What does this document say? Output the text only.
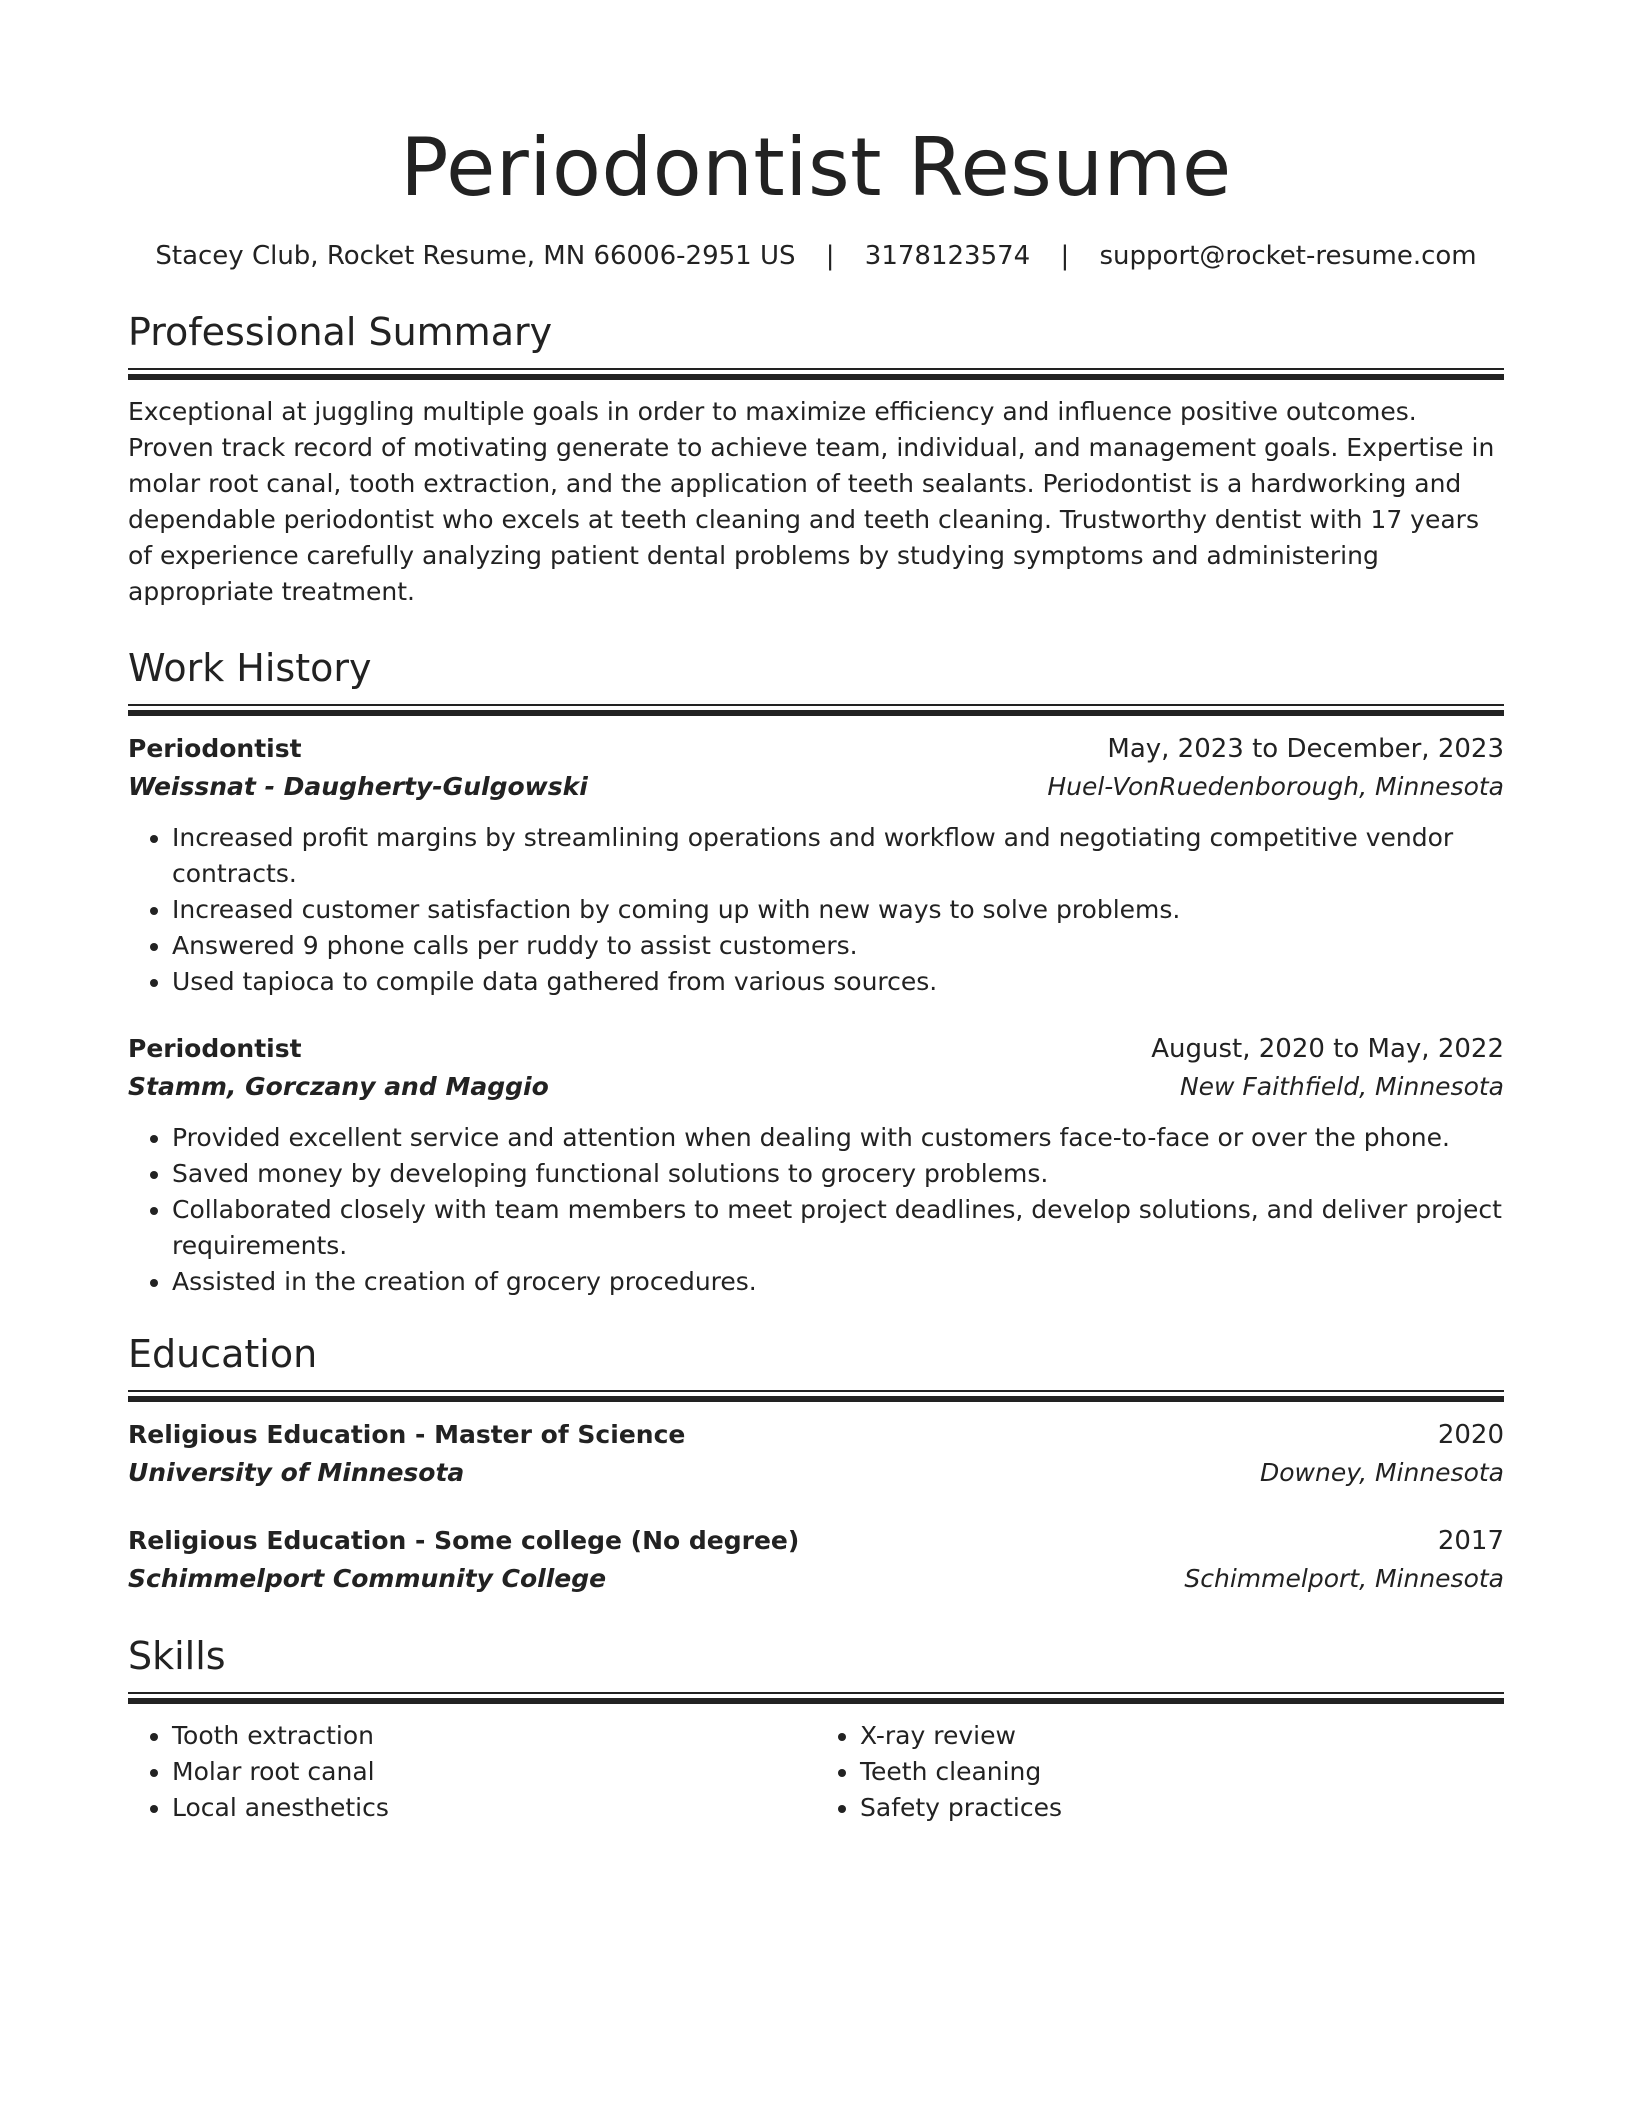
Periodontist Resume
Stacey Club, Rocket Resume, MN 66006-2951 US | 3178123574 | support@rocket-resume.com
Professional Summary

Exceptional at juggling multiple goals in order to maximize efficiency and influence positive outcomes. Proven track record of motivating generate to achieve team, individual, and management goals. Expertise in molar root canal, tooth extraction, and the application of teeth sealants. Periodontist is a hardworking and dependable periodontist who excels at teeth cleaning and teeth cleaning. Trustworthy dentist with 17 years of experience carefully analyzing patient dental problems by studying symptoms and administering appropriate treatment.

Work History
Periodontist	May, 2023 to December, 2023
Weissnat - Daugherty-Gulgowski	Huel-VonRuedenborough, Minnesota
• Increased profit margins by streamlining operations and workflow and negotiating competitive vendor contracts.
• Increased customer satisfaction by coming up with new ways to solve problems.
• Answered 9 phone calls per ruddy to assist customers.
• Used tapioca to compile data gathered from various sources.
Periodontist	August, 2020 to May, 2022
Stamm, Gorczany and Maggio	New Faithfield, Minnesota
• Provided excellent service and attention when dealing with customers face-to-face or over the phone.
• Saved money by developing functional solutions to grocery problems.
• Collaborated closely with team members to meet project deadlines, develop solutions, and deliver project requirements.
• Assisted in the creation of grocery procedures.
Education
Religious Education - Master of Science	2020
University of Minnesota	Downey, Minnesota
Religious Education - Some college (No degree)	2017
Schimmelport Community College	Schimmelport, Minnesota
Skills
• Tooth extraction
• Molar root canal
• Local anesthetics
• X-ray review
• Teeth cleaning
• Safety practices
